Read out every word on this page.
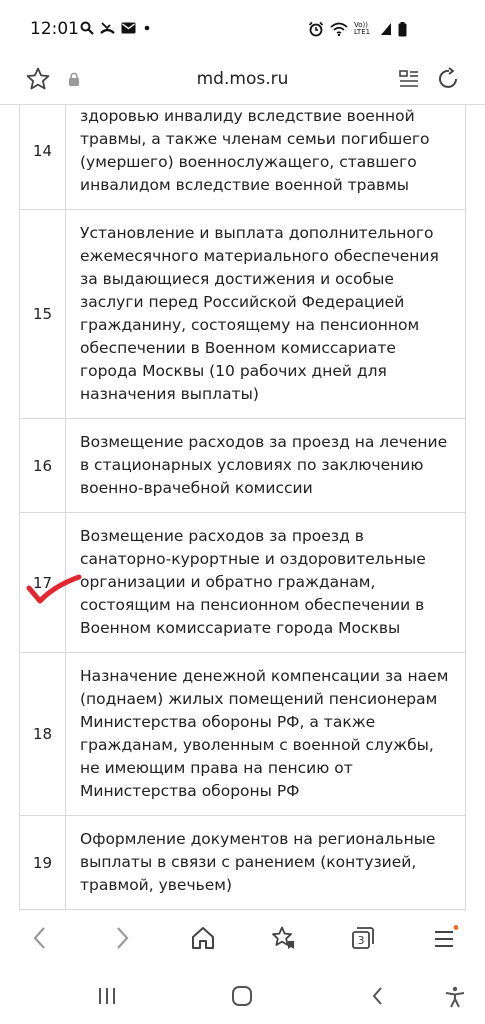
12:01	Vo)) LTE1
md.mos.ru
14
здоровью инвалиду вследствие военной травмы, а также членам семьи погибшего (умершего) военнослужащего, ставшего инвалидом вследствие военной травмы
15
Установление и выплата дополнительного ежемесячного материального обеспечения за выдающиеся достижения и особые заслуги перед Российской Федерацией гражданину, состоящему на пенсионном обеспечении в Военном комиссариате города Москвы (10 рабочих дней для назначения выплаты)
16
Возмещение расходов за проезд на лечение в стационарных условиях по заключению военно-врачебной комиссии
17
Возмещение расходов за проезд в санаторно-курортные и оздоровительные организации и обратно гражданам, состоящим на пенсионном обеспечении в Военном комиссариате города Москвы
18
Назначение денежной компенсации за наем (поднаем) жилых помещений пенсионерам Министерства обороны РФ, а также гражданам, уволенным с военной службы, не имеющим права на пенсию от Министерства обороны РФ
19
Оформление документов на региональные выплаты в связи с ранением (контузией, травмой, увечьем)
3
